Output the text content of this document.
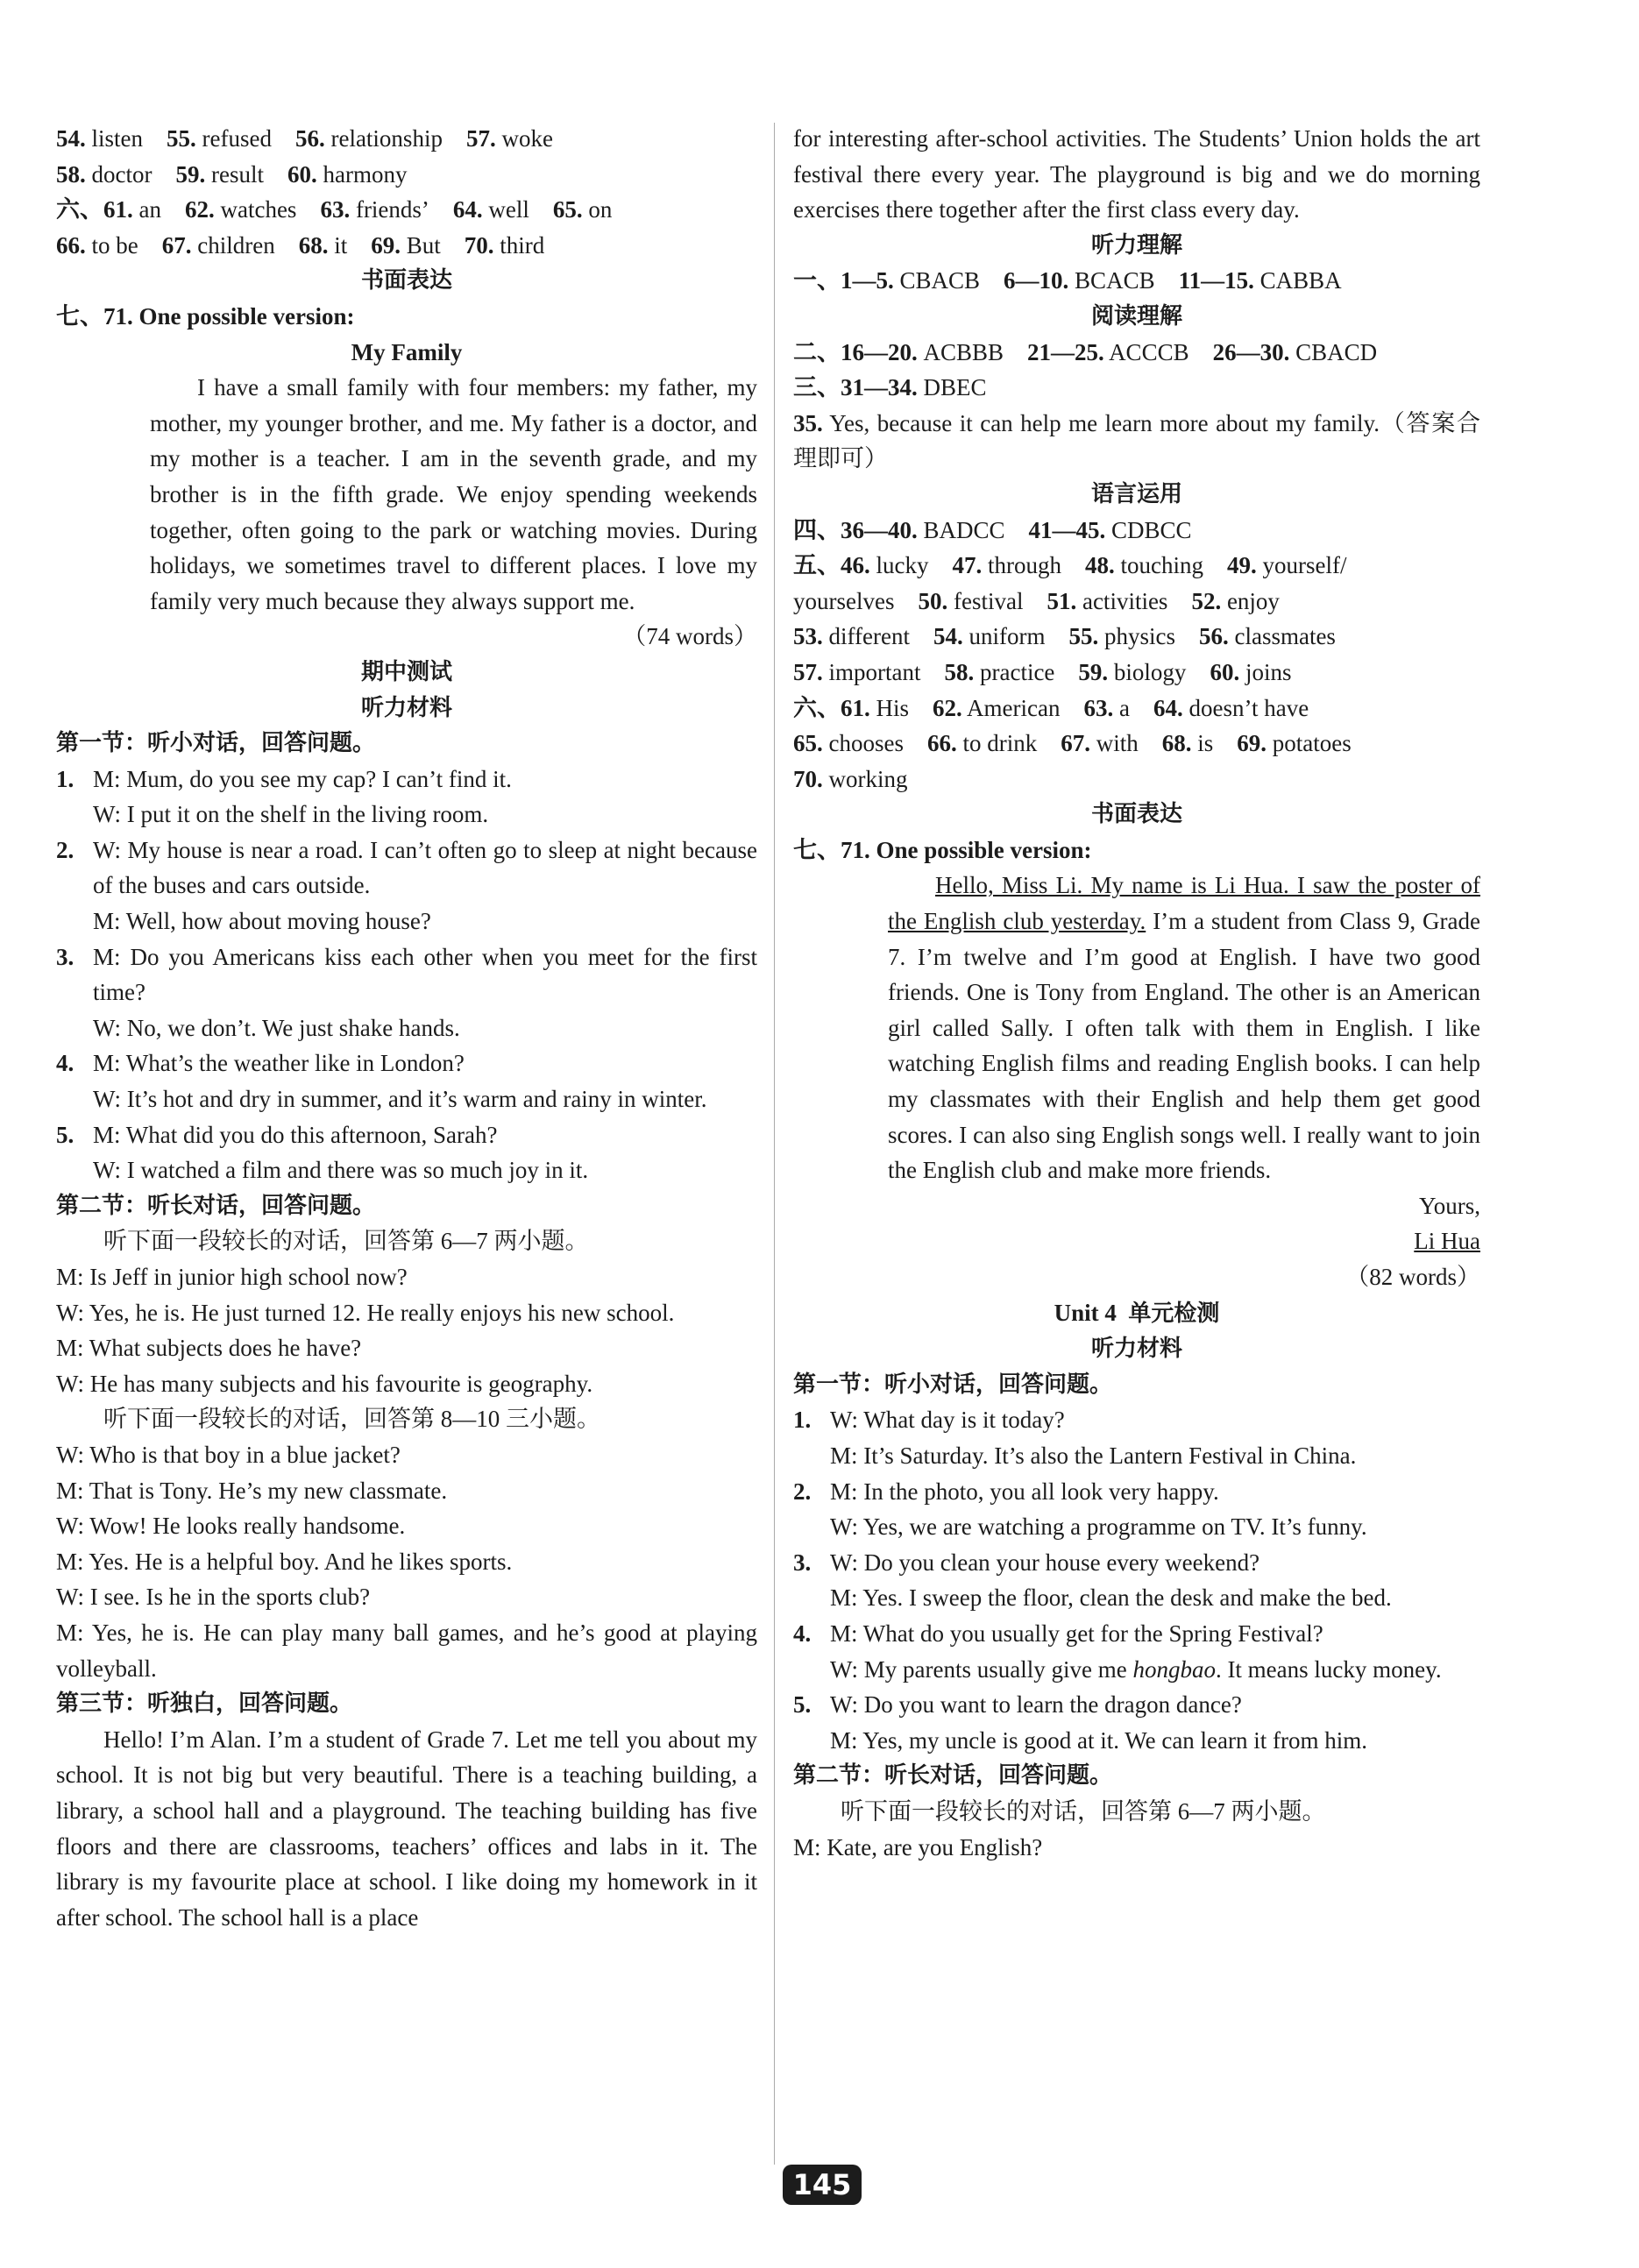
54. listen 55. refused 56. relationship 57. woke
58. doctor 59. result 60. harmony
六、61. an 62. watches 63. friends’ 64. well 65. on
66. to be 67. children 68. it 69. But 70. third
书面表达
七、71. One possible version:
My Family
I have a small family with four members: my father, my mother, my younger brother, and me. My father is a doctor, and my mother is a teacher. I am in the seventh grade, and my brother is in the fifth grade. We enjoy spending weekends together, often going to the park or watching movies. During holidays, we sometimes travel to different places. I love my family very much because they always support me.
（74 words）
期中测试
听力材料
第一节：听小对话，回答问题。
1. M: Mum, do you see my cap? I can’t find it.
W: I put it on the shelf in the living room.
2. W: My house is near a road. I can’t often go to sleep at night because of the buses and cars outside.
M: Well, how about moving house?
3. M: Do you Americans kiss each other when you meet for the first time?
W: No, we don’t. We just shake hands.
4. M: What’s the weather like in London?
W: It’s hot and dry in summer, and it’s warm and rainy in winter.
5. M: What did you do this afternoon, Sarah?
W: I watched a film and there was so much joy in it.
第二节：听长对话，回答问题。
听下面一段较长的对话，回答第 6—7 两小题。
M: Is Jeff in junior high school now?
W: Yes, he is. He just turned 12. He really enjoys his new school.
M: What subjects does he have?
W: He has many subjects and his favourite is geography.
听下面一段较长的对话，回答第 8—10 三小题。
W: Who is that boy in a blue jacket?
M: That is Tony. He’s my new classmate.
W: Wow! He looks really handsome.
M: Yes. He is a helpful boy. And he likes sports.
W: I see. Is he in the sports club?
M: Yes, he is. He can play many ball games, and he’s good at playing volleyball.
第三节：听独白，回答问题。
Hello! I’m Alan. I’m a student of Grade 7. Let me tell you about my school. It is not big but very beautiful. There is a teaching building, a library, a school hall and a playground. The teaching building has five floors and there are classrooms, teachers’ offices and labs in it. The library is my favourite place at school. I like doing my homework in it after school. The school hall is a place
for interesting after-school activities. The Students’ Union holds the art festival there every year. The playground is big and we do morning exercises there together after the first class every day.
听力理解
一、1—5. CBACB 6—10. BCACB 11—15. CABBA
阅读理解
二、16—20. ACBBB 21—25. ACCCB 26—30. CBACD
三、31—34. DBEC
35. Yes, because it can help me learn more about my family.（答案合理即可）
语言运用
四、36—40. BADCC 41—45. CDBCC
五、46. lucky 47. through 48. touching 49. yourself/
yourselves 50. festival 51. activities 52. enjoy
53. different 54. uniform 55. physics 56. classmates
57. important 58. practice 59. biology 60. joins
六、61. His 62. American 63. a 64. doesn’t have
65. chooses 66. to drink 67. with 68. is 69. potatoes
70. working
书面表达
七、71. One possible version:
Hello, Miss Li. My name is Li Hua. I saw the poster of the English club yesterday. I’m a student from Class 9, Grade 7. I’m twelve and I’m good at English. I have two good friends. One is Tony from England. The other is an American girl called Sally. I often talk with them in English. I like watching English films and reading English books. I can help my classmates with their English and help them get good scores. I can also sing English songs well. I really want to join the English club and make more friends.
Yours,
Li Hua
（82 words）
Unit 4 单元检测
听力材料
第一节：听小对话，回答问题。
1. W: What day is it today?
M: It’s Saturday. It’s also the Lantern Festival in China.
2. M: In the photo, you all look very happy.
W: Yes, we are watching a programme on TV. It’s funny.
3. W: Do you clean your house every weekend?
M: Yes. I sweep the floor, clean the desk and make the bed.
4. M: What do you usually get for the Spring Festival?
W: My parents usually give me hongbao. It means lucky money.
5. W: Do you want to learn the dragon dance?
M: Yes, my uncle is good at it. We can learn it from him.
第二节：听长对话，回答问题。
听下面一段较长的对话，回答第 6—7 两小题。
M: Kate, are you English?
145
